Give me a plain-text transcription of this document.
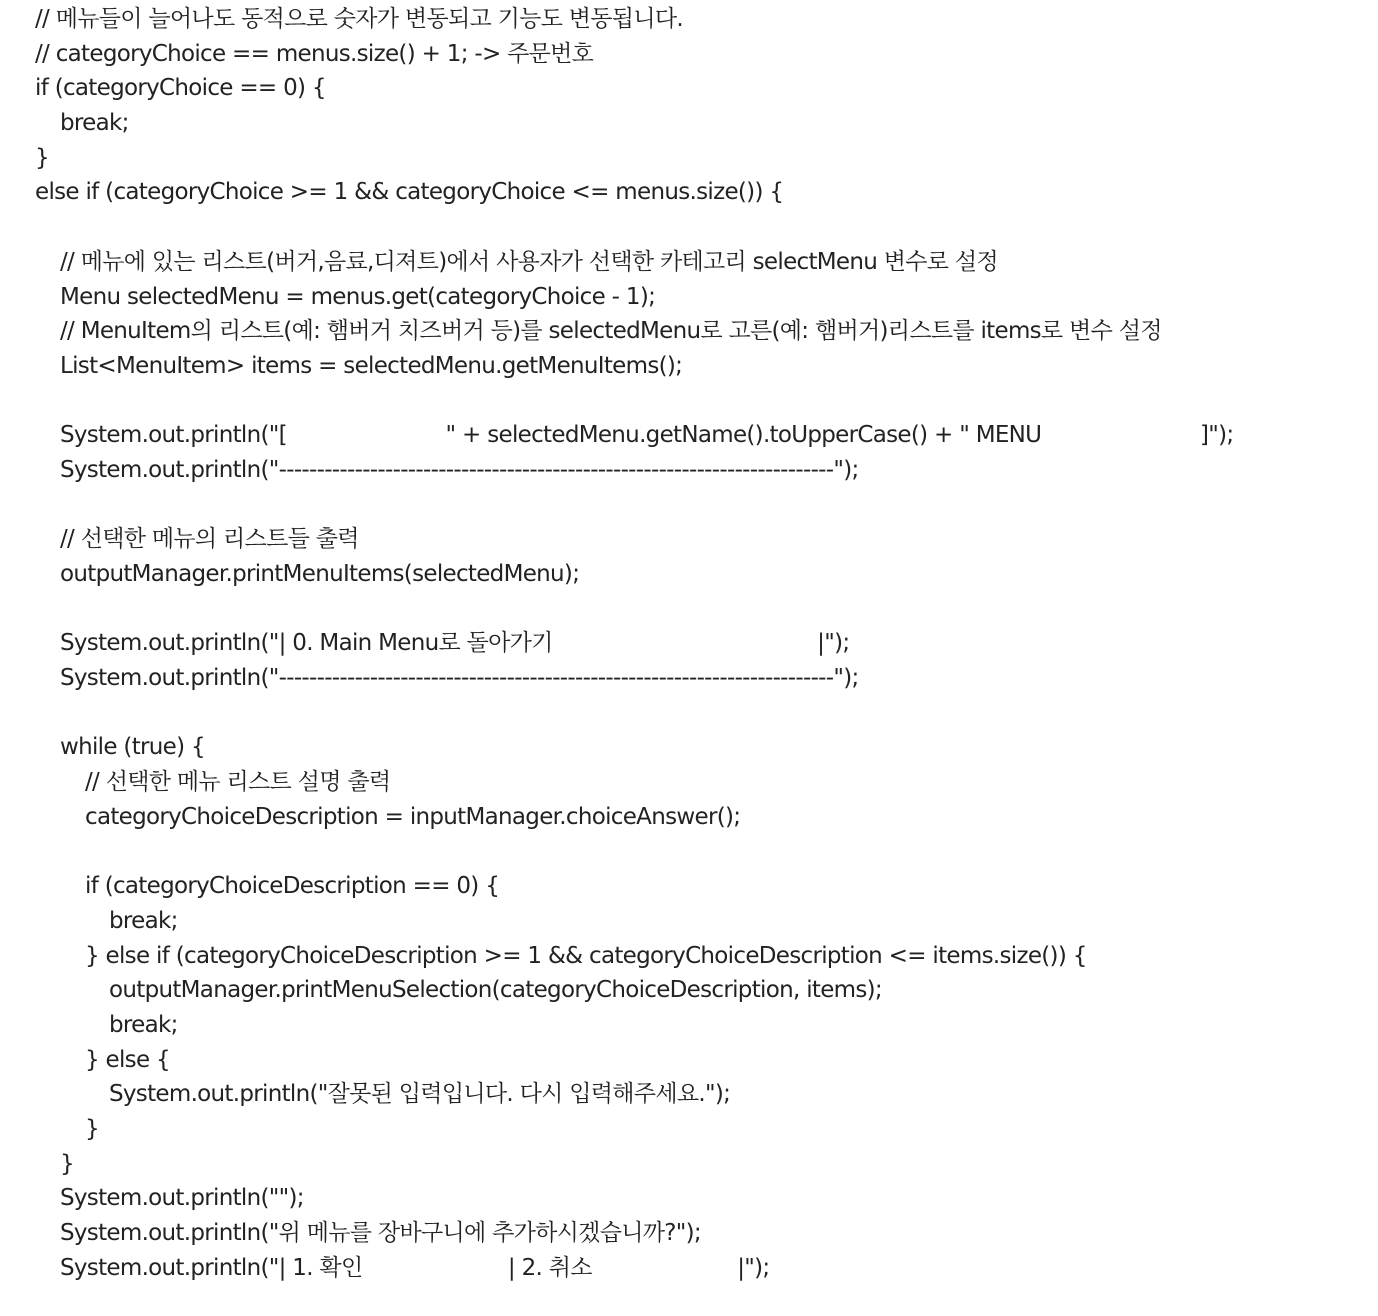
// 메뉴들이 늘어나도 동적으로 숫자가 변동되고 기능도 변동됩니다.
// categoryChoice == menus.size() + 1; -> 주문번호
if (categoryChoice == 0) {
break;
}
else if (categoryChoice >= 1 && categoryChoice <= menus.size()) {
// 메뉴에 있는 리스트(버거,음료,디져트)에서 사용자가 선택한 카테고리 selectMenu 변수로 설정
Menu selectedMenu = menus.get(categoryChoice - 1);
// MenuItem의 리스트(예: 햄버거 치즈버거 등)를 selectedMenu로 고른(예: 햄버거)리스트를 items로 변수 설정
List<MenuItem> items = selectedMenu.getMenuItems();
System.out.println("[                        " + selectedMenu.getName().toUpperCase() + " MENU                        ]");
System.out.println("-------------------------------------------------------------------------");
// 선택한 메뉴의 리스트들 출력
outputManager.printMenuItems(selectedMenu);
System.out.println("| 0. Main Menu로 돌아가기                                        |");
System.out.println("-------------------------------------------------------------------------");
while (true) {
// 선택한 메뉴 리스트 설명 출력
categoryChoiceDescription = inputManager.choiceAnswer();
if (categoryChoiceDescription == 0) {
break;
} else if (categoryChoiceDescription >= 1 && categoryChoiceDescription <= items.size()) {
outputManager.printMenuSelection(categoryChoiceDescription, items);
break;
} else {
System.out.println("잘못된 입력입니다. 다시 입력해주세요.");
}
}
System.out.println("");
System.out.println("위 메뉴를 장바구니에 추가하시겠습니까?");
System.out.println("| 1. 확인                      | 2. 취소                      |");
